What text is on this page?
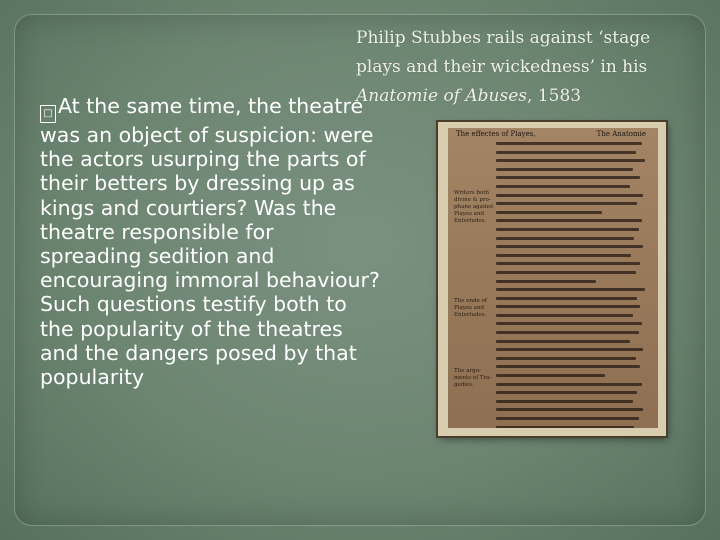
Philip Stubbes rails against ‘stage plays and their wickedness’ in his Anatomie of Abuses, 1583
□ At the same time, the theatre was an object of suspicion: were the actors usurping the parts of their betters by dressing up as kings and courtiers? Was the theatre responsible for spreading sedition and encouraging immoral behaviour? Such questions testify both to the popularity of the theatres and the dangers posed by that popularity
The effectes of Playes,	The Anatomie
Writers both divine & pro-phane against Playes and Enterludes.
The ende of Playes and Enterludes.
The argu-ments of Tra-gedies.
